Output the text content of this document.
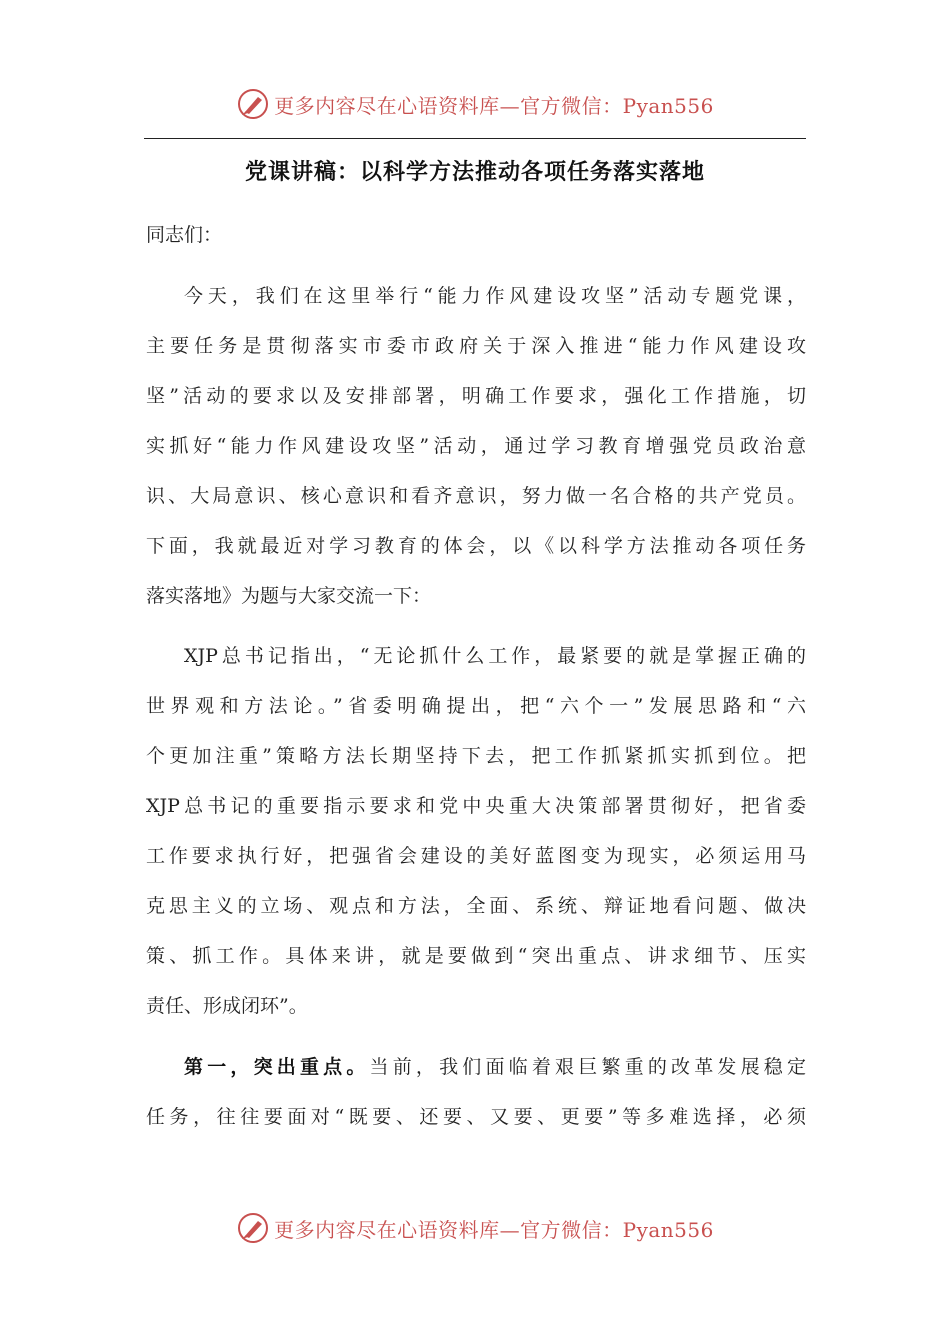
更多内容尽在心语资料库—官方微信：Pyan556
党课讲稿：以科学方法推动各项任务落实落地
同志们：
今天，我们在这里举行“能力作风建设攻坚”活动专题党课，
主要任务是贯彻落实市委市政府关于深入推进“能力作风建设攻
坚”活动的要求以及安排部署，明确工作要求，强化工作措施，切
实抓好“能力作风建设攻坚”活动，通过学习教育增强党员政治意
识、大局意识、核心意识和看齐意识，努力做一名合格的共产党员。
下面，我就最近对学习教育的体会，以《以科学方法推动各项任务
落实落地》为题与大家交流一下：
XJP总书记指出，“无论抓什么工作，最紧要的就是掌握正确的
世界观和方法论。”省委明确提出，把“六个一”发展思路和“六
个更加注重”策略方法长期坚持下去，把工作抓紧抓实抓到位。把
XJP总书记的重要指示要求和党中央重大决策部署贯彻好，把省委
工作要求执行好，把强省会建设的美好蓝图变为现实，必须运用马
克思主义的立场、观点和方法，全面、系统、辩证地看问题、做决
策、抓工作。具体来讲，就是要做到“突出重点、讲求细节、压实
责任、形成闭环”。
第一，突出重点。当前，我们面临着艰巨繁重的改革发展稳定
任务，往往要面对“既要、还要、又要、更要”等多难选择，必须
更多内容尽在心语资料库—官方微信：Pyan556
